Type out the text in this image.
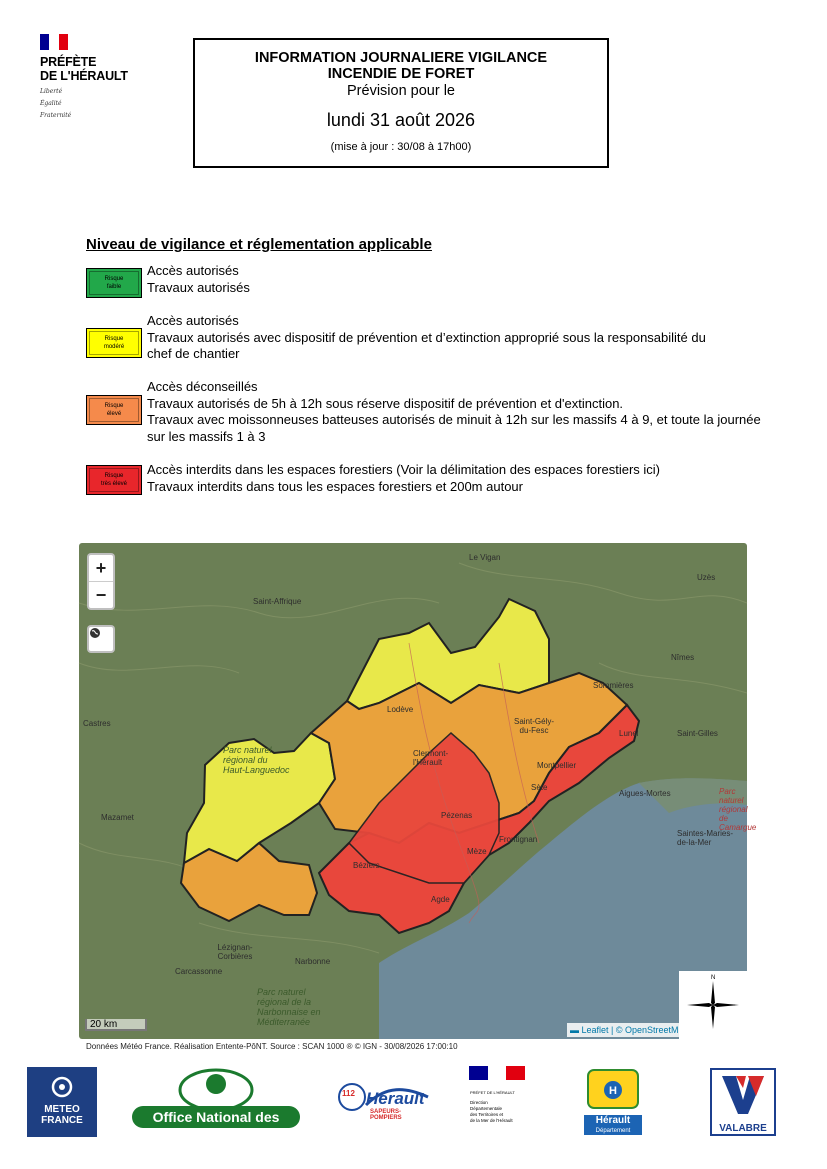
PRÉFÈTE
DE L'HÉRAULT
Liberté
Égalité
Fraternité
INFORMATION JOURNALIERE VIGILANCE
INCENDIE DE FORET
Prévision pour le
lundi 31 août 2026
(mise à jour : 30/08 à 17h00)
Niveau de vigilance et réglementation applicable
Risque
faible
Accès autorisés
Travaux autorisés
Risque
modéré
Accès autorisés
Travaux autorisés avec dispositif de prévention et d’extinction approprié sous la responsabilité du
chef de chantier
Risque
élevé
Accès déconseillés
Travaux autorisés de 5h à 12h sous réserve dispositif de prévention et d'extinction.
Travaux avec moissonneuses batteuses autorisés de minuit à 12h sur les massifs 4 à 9, et toute la journée
sur les massifs 1 à 3
Risque
très élevé
Accès interdits dans les espaces forestiers (Voir la délimitation des espaces forestiers ici)
Travaux interdits dans tous les espaces forestiers et 200m autour
Le Vigan
Uzès
Saint-Affrique
Nîmes
Sommières
Lodève
Saint-Gély-du-Fesc	Lunel	Saint-Gilles
Castres
Clermont-l'Hérault	Montpellier
Mazamet
Aigues-Mortes
Pézenas
Frontignan
Mèze
Béziers
Agde
Lézignan-Corbières
Carcassonne
Narbonne
Saintes-Maries-de-la-Mer
Sète
Parc naturel régional du Haut-Languedoc
Parc naturel régional de la Narbonnaise en Méditerranée
Parc naturel régional de Camargue
+
−
20 km	▬ Leaflet | © OpenStreetM
N
Données Météo France. Réalisation Entente-PôNT. Source : SCAN 1000 ® © IGN - 30/08/2026 17:00:10
METEO
FRANCE	Office National des Forêts
112 Hérault
SAPEURS-POMPIERS
PRÉFET DE L'HÉRAULT
Direction
Départementale
des Territoires et
de la Mer de l'Hérault
H
Hérault
Département	VALABRE
